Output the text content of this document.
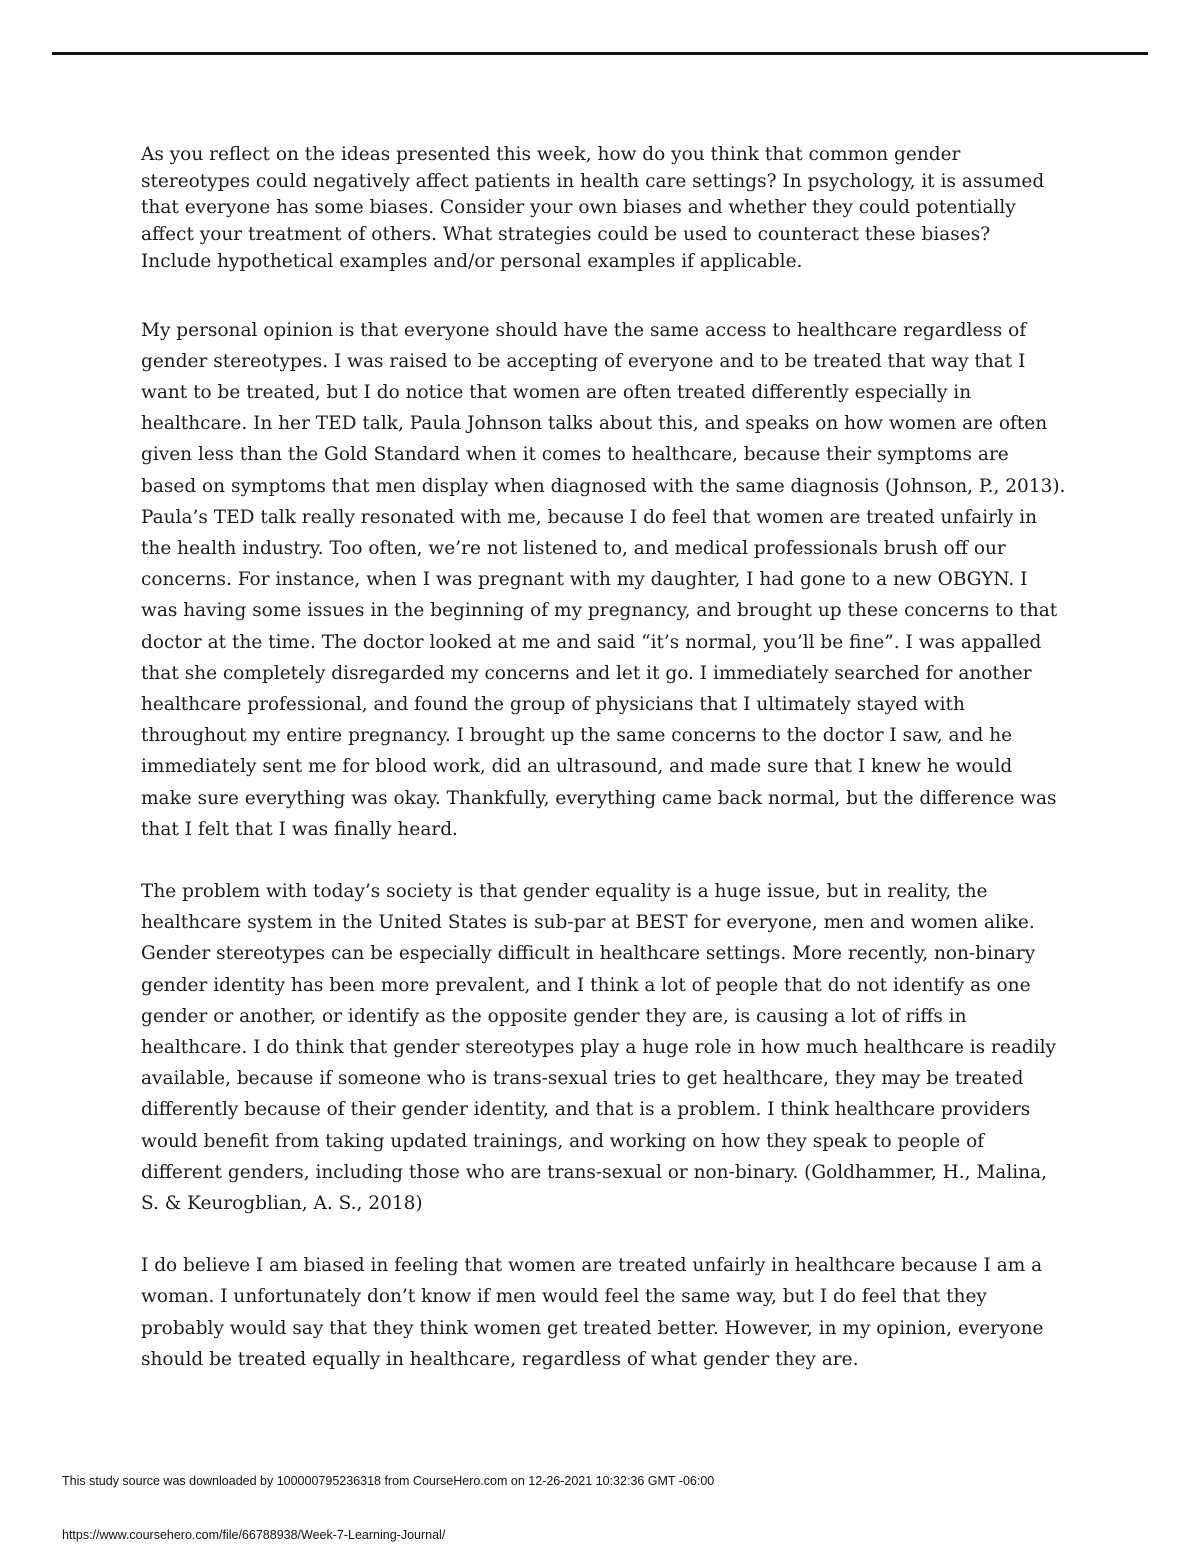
As you reflect on the ideas presented this week, how do you think that common gender stereotypes could negatively affect patients in health care settings? In psychology, it is assumed that everyone has some biases. Consider your own biases and whether they could potentially affect your treatment of others. What strategies could be used to counteract these biases? Include hypothetical examples and/or personal examples if applicable.

My personal opinion is that everyone should have the same access to healthcare regardless of gender stereotypes. I was raised to be accepting of everyone and to be treated that way that I want to be treated, but I do notice that women are often treated differently especially in healthcare. In her TED talk, Paula Johnson talks about this, and speaks on how women are often given less than the Gold Standard when it comes to healthcare, because their symptoms are based on symptoms that men display when diagnosed with the same diagnosis (Johnson, P., 2013). Paula’s TED talk really resonated with me, because I do feel that women are treated unfairly in the health industry. Too often, we’re not listened to, and medical professionals brush off our concerns. For instance, when I was pregnant with my daughter, I had gone to a new OBGYN. I was having some issues in the beginning of my pregnancy, and brought up these concerns to that doctor at the time. The doctor looked at me and said “it’s normal, you’ll be fine”. I was appalled that she completely disregarded my concerns and let it go. I immediately searched for another healthcare professional, and found the group of physicians that I ultimately stayed with throughout my entire pregnancy. I brought up the same concerns to the doctor I saw, and he immediately sent me for blood work, did an ultrasound, and made sure that I knew he would make sure everything was okay. Thankfully, everything came back normal, but the difference was that I felt that I was finally heard.

The problem with today’s society is that gender equality is a huge issue, but in reality, the healthcare system in the United States is sub-par at BEST for everyone, men and women alike. Gender stereotypes can be especially difficult in healthcare settings. More recently, non-binary gender identity has been more prevalent, and I think a lot of people that do not identify as one gender or another, or identify as the opposite gender they are, is causing a lot of riffs in healthcare. I do think that gender stereotypes play a huge role in how much healthcare is readily available, because if someone who is trans-sexual tries to get healthcare, they may be treated differently because of their gender identity, and that is a problem. I think healthcare providers would benefit from taking updated trainings, and working on how they speak to people of different genders, including those who are trans-sexual or non-binary. (Goldhammer, H., Malina, S. & Keurogblian, A. S., 2018)

I do believe I am biased in feeling that women are treated unfairly in healthcare because I am a woman. I unfortunately don’t know if men would feel the same way, but I do feel that they probably would say that they think women get treated better. However, in my opinion, everyone should be treated equally in healthcare, regardless of what gender they are.

This study source was downloaded by 100000795236318 from CourseHero.com on 12-26-2021 10:32:36 GMT -06:00
https://www.coursehero.com/file/66788938/Week-7-Learning-Journal/
